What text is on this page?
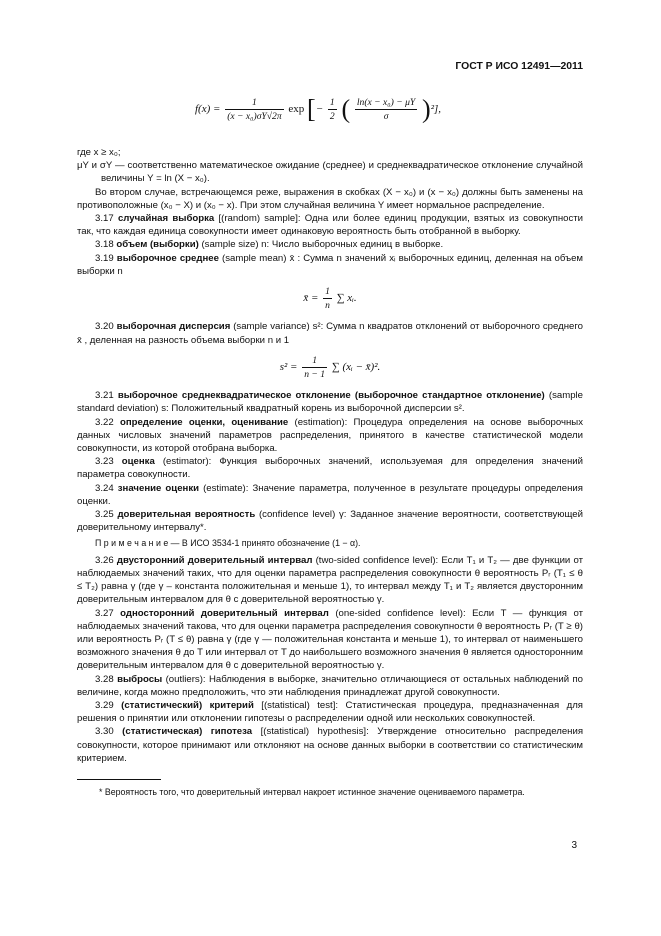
ГОСТ Р ИСО 12491—2011
$f(x) = \frac{1}{\text{(x − x₀)σY√2π}}$ exp [− $\frac{1}{2}$ ( $\frac{\text{ln(x − x₀) − μY}}{\sigma} )^2$],

где x ≥ x₀;

μY и σY — соответственно математическое ожидание (среднее) и среднеквадратическое отклонение случайной величины Y = ln (X − x₀).

Во втором случае, встречающемся реже, выражения в скобках (X − x₀) и (x − x₀) должны быть заменены на противоположные (x₀ − X) и (x₀ − x). При этом случайная величина Y имеет нормальное распределение.

3.17 случайная выборка [(random) sample]: Одна или более единиц продукции, взятых из совокупности так, что каждая единица совокупности имеет одинаковую вероятность быть отобранной в выборку.

3.18 объем (выборки) (sample size) n: Число выборочных единиц в выборке.

3.19 выборочное среднее (sample mean) x̄ : Сумма n значений xᵢ выборочных единиц, деленная на объем выборки n

x̄ = $\frac{1}{n}$ ∑ xᵢ.

3.20 выборочная дисперсия (sample variance) s²: Сумма n квадратов отклонений от выборочного среднего x̄ , деленная на разность объема выборки n и 1

$s^2 = \frac{1}{n - 1}$ ∑ (xᵢ − x̄)².

3.21 выборочное среднеквадратическое отклонение (выборочное стандартное отклонение) (sample standard deviation) s: Положительный квадратный корень из выборочной дисперсии s².

3.22 определение оценки, оценивание (estimation): Процедура определения на основе выборочных данных числовых значений параметров распределения, принятого в качестве статистической модели совокупности, из которой отобрана выборка.

3.23 оценка (estimator): Функция выборочных значений, используемая для определения значений параметра совокупности.

3.24 значение оценки (estimate): Значение параметра, полученное в результате процедуры определения оценки.

3.25 доверительная вероятность (confidence level) γ: Заданное значение вероятности, соответствующей доверительному интервалу*.

П р и м е ч а н и е — В ИСО 3534-1 принято обозначение (1 − α).

3.26 двусторонний доверительный интервал (two-sided confidence level): Если T₁ и T₂ — две функции от наблюдаемых значений таких, что для оценки параметра распределения совокупности θ вероятность Pᵣ (T₁ ≤ θ ≤ T₂) равна γ (где γ – константа положительная и меньше 1), то интервал между T₁ и T₂ является двусторонним доверительным интервалом для θ с доверительной вероятностью γ.

3.27 односторонний доверительный интервал (one-sided confidence level): Если T — функция от наблюдаемых значений такова, что для оценки параметра распределения совокупности θ вероятность Pᵣ (T ≥ θ) или вероятность Pᵣ (T ≤ θ) равна γ (где γ — положительная константа и меньше 1), то интервал от наименьшего возможного значения θ до T или интервал от T до наибольшего возможного значения θ является односторонним доверительным интервалом для θ с доверительной вероятностью γ.

3.28 выбросы (outliers): Наблюдения в выборке, значительно отличающиеся от остальных наблюдений по величине, когда можно предположить, что эти наблюдения принадлежат другой совокупности.

3.29 (статистический) критерий [(statistical) test]: Статистическая процедура, предназначенная для решения о принятии или отклонении гипотезы о распределении одной или нескольких совокупностей.

3.30 (статистическая) гипотеза [(statistical) hypothesis]: Утверждение относительно распределения совокупности, которое принимают или отклоняют на основе данных выборки в соответствии со статистическим критерием.

* Вероятность того, что доверительный интервал накроет истинное значение оцениваемого параметра.

3
